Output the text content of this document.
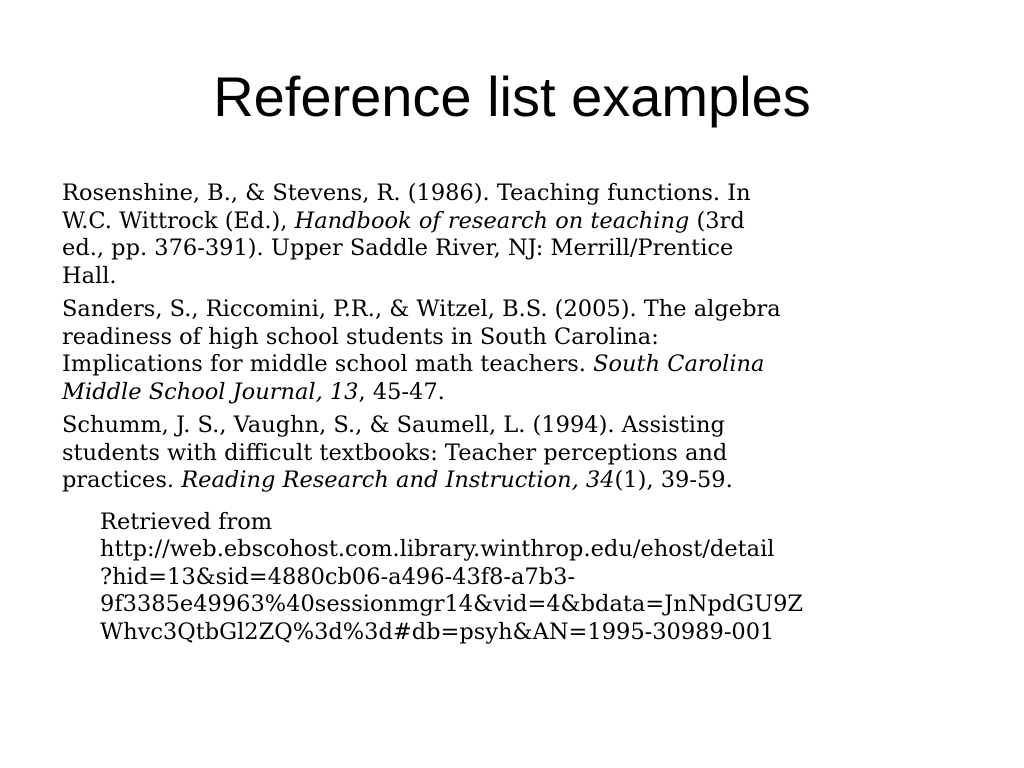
Reference list examples
Rosenshine, B., & Stevens, R. (1986). Teaching functions. In
W.C. Wittrock (Ed.), Handbook of research on teaching (3rd
ed., pp. 376-391). Upper Saddle River, NJ: Merrill/Prentice
Hall.
Sanders, S., Riccomini, P.R., & Witzel, B.S. (2005). The algebra
readiness of high school students in South Carolina:
Implications for middle school math teachers. South Carolina
Middle School Journal, 13, 45-47.
Schumm, J. S., Vaughn, S., & Saumell, L. (1994). Assisting
students with difficult textbooks: Teacher perceptions and
practices. Reading Research and Instruction, 34(1), 39-59.
Retrieved from
http://web.ebscohost.com.library.winthrop.edu/ehost/detail
?hid=13&sid=4880cb06-a496-43f8-a7b3-
9f3385e49963%40sessionmgr14&vid=4&bdata=JnNpdGU9Z
Whvc3QtbGl2ZQ%3d%3d#db=psyh&AN=1995-30989-001
